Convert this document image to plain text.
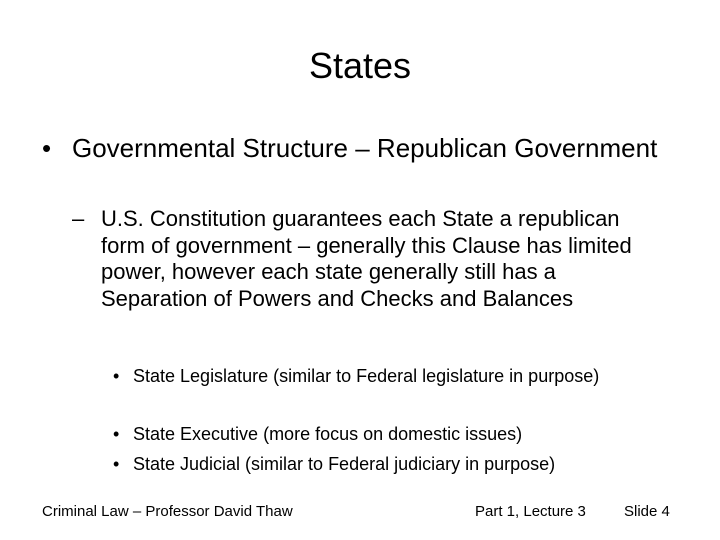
States
• Governmental Structure – Republican Government
– U.S. Constitution guarantees each State a republican form of government – generally this Clause has limited power, however each state generally still has a Separation of Powers and Checks and Balances
• State Legislature (similar to Federal legislature in purpose)
• State Executive (more focus on domestic issues)
• State Judicial (similar to Federal judiciary in purpose)
Criminal Law – Professor David Thaw	Part 1, Lecture 3	Slide 4
